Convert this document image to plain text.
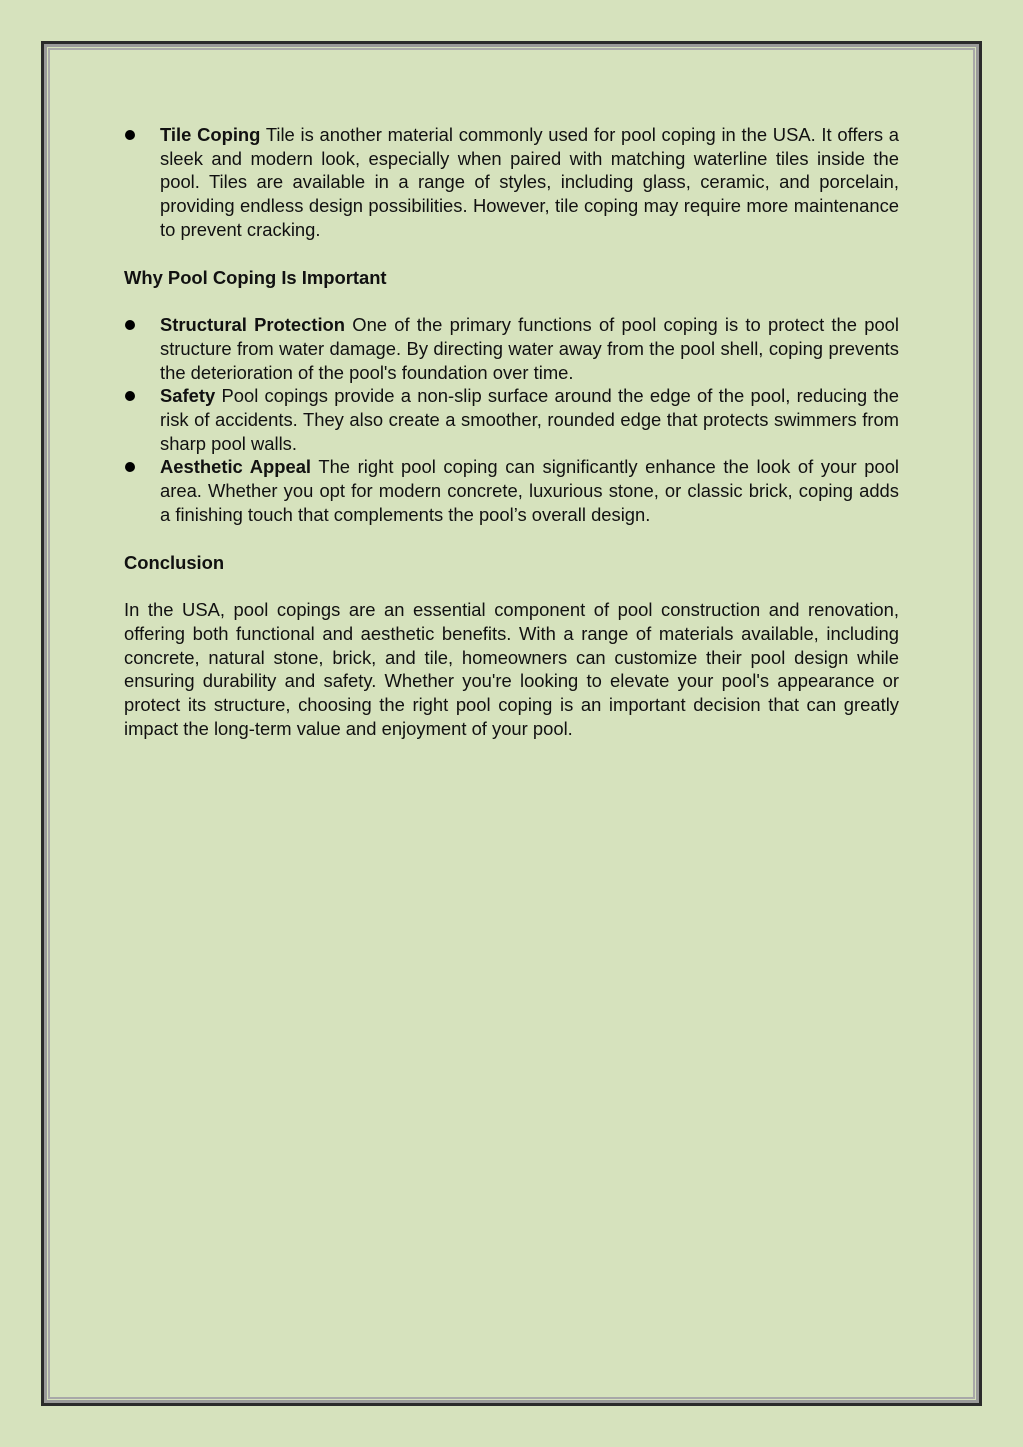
Tile Coping Tile is another material commonly used for pool coping in the USA. It offers a sleek and modern look, especially when paired with matching waterline tiles inside the pool. Tiles are available in a range of styles, including glass, ceramic, and porcelain, providing endless design possibilities. However, tile coping may require more maintenance to prevent cracking.
Why Pool Coping Is Important
Structural Protection One of the primary functions of pool coping is to protect the pool structure from water damage. By directing water away from the pool shell, coping prevents the deterioration of the pool's foundation over time.
Safety Pool copings provide a non-slip surface around the edge of the pool, reducing the risk of accidents. They also create a smoother, rounded edge that protects swimmers from sharp pool walls.
Aesthetic Appeal The right pool coping can significantly enhance the look of your pool area. Whether you opt for modern concrete, luxurious stone, or classic brick, coping adds a finishing touch that complements the pool’s overall design.
Conclusion

In the USA, pool copings are an essential component of pool construction and renovation, offering both functional and aesthetic benefits. With a range of materials available, including concrete, natural stone, brick, and tile, homeowners can customize their pool design while ensuring durability and safety. Whether you're looking to elevate your pool's appearance or protect its structure, choosing the right pool coping is an important decision that can greatly impact the long-term value and enjoyment of your pool.
